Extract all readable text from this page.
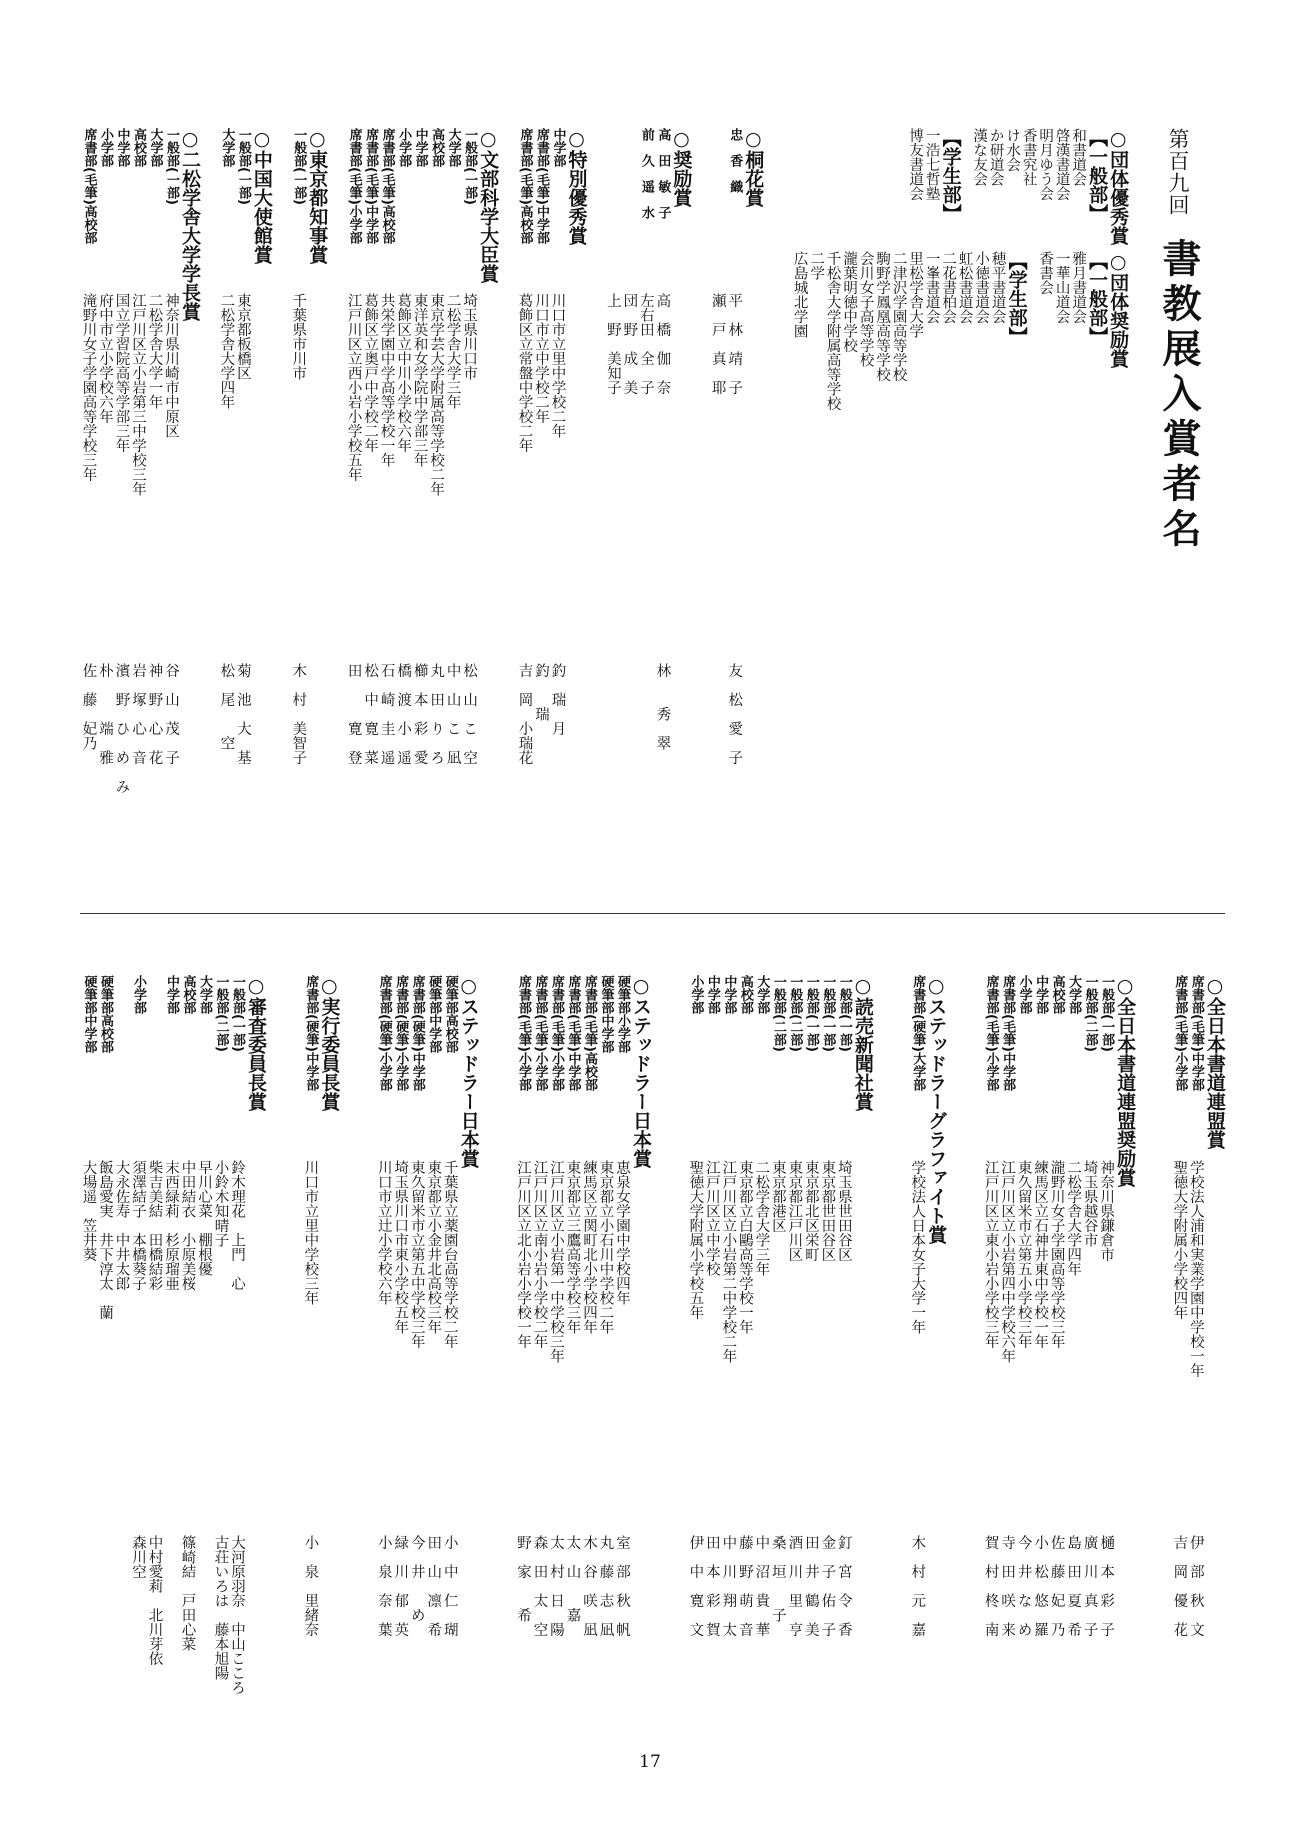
第百九回
書教展入賞者名
○団体優秀賞
【一般部】
和書道会
啓漢書道会
明月ゆう会
香書究社
け水会
か研道会
漢な友会
【学生部】
一浩七哲塾
博友書道会
○団体奨励賞
【一般部】
雅月書道会
一華山道会
香書会
【学生部】
穂平書道会
小徳書道会
虹松書道会
二花書柏会
一峯書道会
里松学舎大学
二津沢学園高等学校
駒野学鳳凰高等学校
会川女子高等学校
瀧葉明徳中学校
千松舎大学附属高等学校
二学
広島城北学園
○桐花賞
忠　香　織平　林　靖　子友　松　愛　子
瀬　戸　真　耶
○奨励賞
高　田　敏　子高　橋　伽　奈林　　秀　翠
前　久　遥　水左右田　全　子
団　野　成　美
上　野　美知子
○特別優秀賞
中学部川口市立里中学校二年釣　瑞　月
席書部(毛筆)中学部川口市立中学校二年釣　　瑞
席書部(毛筆)高校部葛飾区立常盤中学校二年吉　岡　小瑞花
○文部科学大臣賞
一般部(一部)埼玉県川口市松　山　こ　空
大学部二松学舎大学三年中　山　こ　凪
高校部東京学芸大学附属高等学校二年丸　田　り　ろ
中学部東洋英和女学院中学部三年櫛　本　彩　愛
小学部葛飾区立中川小学校六年橋　渡　小　遥
席書部(毛筆)高校部共栄学園中学高等学校一年石　崎　圭　遥
席書部(毛筆)中学部葛飾区立奥戸中学校二年松　中　寛　菜
席書部(毛筆)小学部江戸川区立西小岩小学校五年田　　　寛　登
○東京都知事賞
一般部(一部)千葉県市川市木　村　美智子
○中国大使館賞
一般部(一部)東京都板橋区菊　池　大　基
大学部二松学舎大学四年松　尾　　空
○二松学舎大学学長賞
一般部(一部)神奈川県川崎市中原区谷　山　茂　子
大学部二松学舎大学一年神　野　心　花
高校部江戸川区立小岩第三中学校三年岩　塚　心　音
中学部国立学習院高等学部三年濱　野　ひ　め　み
小学部府中市立小学校六年朴　　　端　雅
席書部(毛筆)高校部滝野川女子学園高等学校三年佐　藤　妃乃
○全日本書道連盟賞
席書部(毛筆)中学部学校法人浦和実業学園中学校一年伊　部　秋　文
席書部(毛筆)小学部聖徳大学附属小学校四年吉　岡　優　花
○全日本書道連盟奨励賞
一般部(一部)神奈川県鎌倉市樋　本　彩　子
一般部(二部)埼玉県越谷市廣　川　真　子
大学部二松学舎大学四年島　田　夏　希
高校部瀧野川女子学園高等学校三年佐　藤　妃　乃
中学部練馬区立石神井東中学校一年小　松　悠　羅
小学部東久留米市立第五小学校三年今　井　な　め
席書部(毛筆)中学部江戸川区立小岩第四中学校六年寺　田　咲　来
席書部(毛筆)小学部江戸川区立東小岩小学校三年賀　村　柊　南
○ステッドラーグラファイト賞
席書部(硬筆)大学部学校法人日本女子大学一年木　村　元　嘉
○読売新聞社賞
一般部(一部)埼玉県世田谷区釘　宮　令　香
一般部(一部)東京都世田谷区金　子　佑　子
一般部(一部)東京都北区栄町田　井　鶴　美
一般部(二部)東京都江戸川区酒　川　里　亨
一般部(二部)東京都港区桑　垣　　子
大学部二松学舎大学三年中　沼　貴　華
高校部東京都立白鷗高等学校一年藤　野　萌　音
中学部江戸川区立小岩第二中学校二年中　川　翔　太
中学部江戸川区立中学校田　本　彩　賀
小学部聖徳大学附属小学校五年伊　中　寛　文
○ステッドラー日本賞
硬筆部小学部恵泉女学園中学校四年室　部　秋　帆
硬筆部中学部東京都立小石川中学校二年丸　藤　志　凪
席書部(毛筆)高校部練馬区立関町北小学校四年木　谷　咲　凪
席書部(毛筆)中学部東京都立三鷹高等学校三年太　山　　嘉
席書部(毛筆)小学部江戸川区立小岩第一中学校三年太　村　日　陽
席書部(毛筆)小学部江戸川区立南小岩小学校二年森　田　太　空
席書部(毛筆)小学部江戸川区立北小岩小学校一年野　家　　希
○ステッドラー日本賞
硬筆部高校部千葉県立薬園台高等学校二年小　中　仁　瑚
硬筆部中学部東京都立小金井北高校三年田　山　凛　希
席書部(硬筆)中学部東久留米市立第五中学校三年今　井　　め
席書部(硬筆)小学部埼玉県川口市東小学校五年緑　川　郁　英
席書部(硬筆)小学部川口市立辻小学校六年小　泉　奈　葉
○実行委員長賞
席書部(硬筆)中学部川口市立里中学校三年小　泉　里緒奈
○審査委員長賞
一般部(一部)鈴木理花　上門　心大河原羽奈　中山こころ
一般部(二部)小鈴木知晴子古荘いろは　藤本旭陽
大学部早川心菜　棚根優
高校部中田結衣　小原美桜篠崎結　戸田心菜
中学部末西緑莉　杉原瑠亜
柴吉美結　田橋結彩中村愛莉　北川芽依
小学部須澤結子　本橋葵子森川空
大永佐寿　中井太郎
硬筆部高校部飯島愛実　井下淳太　蘭
硬筆部中学部大場遥　笠井葵
17
